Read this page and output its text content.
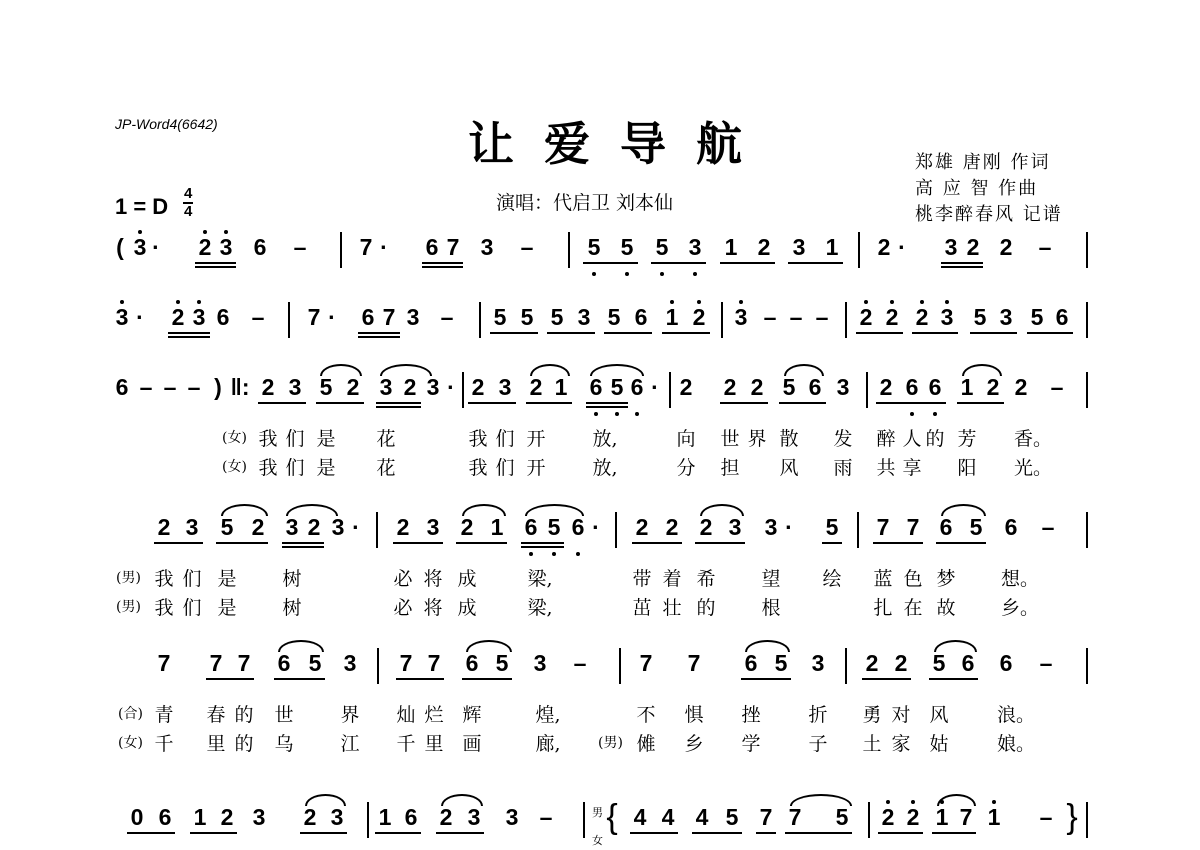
JP-Word4(6642)	让爱导航
演唱：代启卫 刘本仙
郑雄 唐刚 作词
高 应 智 作曲
桃李醉春风 记谱
1 = D $\frac{4}{4}$
( 3 · 2 3 6 – 7 · 6 7 3 – 5 5 5 3 1 2 3 1 2 · 3 2 2 –
3 · 2 3 6 – 7 · 6 7 3 – 5 5 5 3 5 6 1 2 3 – – – 2 2 2 3 5 3 5 6
6 – – – ) ‖: 2 3 5 2 3 2 3 · 2 3 2 1 6 5 6 · 2 2 2 5 6 3 2 6 6 1 2 2 –
(女) 我 们 是 花	我 们 开 放,	向 世 界 散 发 醉 人 的 芳 香。
(女) 我 们 是 花	我 们 开 放,	分 担 风 雨 共 享 阳 光。
2 3 5 2 3 2 3 · 2 3 2 1 6 5 6 · 2 2 2 3 3 · 5 7 7 6 5 6 –
(男) 我 们 是 树	必 将 成	梁,	带 着 希 望 绘 蓝 色 梦 想。
(男) 我 们 是 树	必 将 成	梁,	茁 壮 的 根	扎 在 故 乡。
7 7 7 6 5 3 7 7 6 5 3 – 7 7 6 5 3 2 2 5 6 6 –
(合) 青 春 的 世 界 灿 烂 辉	煌,	不 惧 挫	折 勇 对 风	浪。
(女) 千 里 的 乌 江 千 里 画	廊,	傩 乡 学	子 土 家 姑	娘。
(男)
0 6 1 2 3 2 3 1 6 2 3 3 –	4 4 4 5 7 7 5 2 2 1 7 1 –
男
女
{	}
